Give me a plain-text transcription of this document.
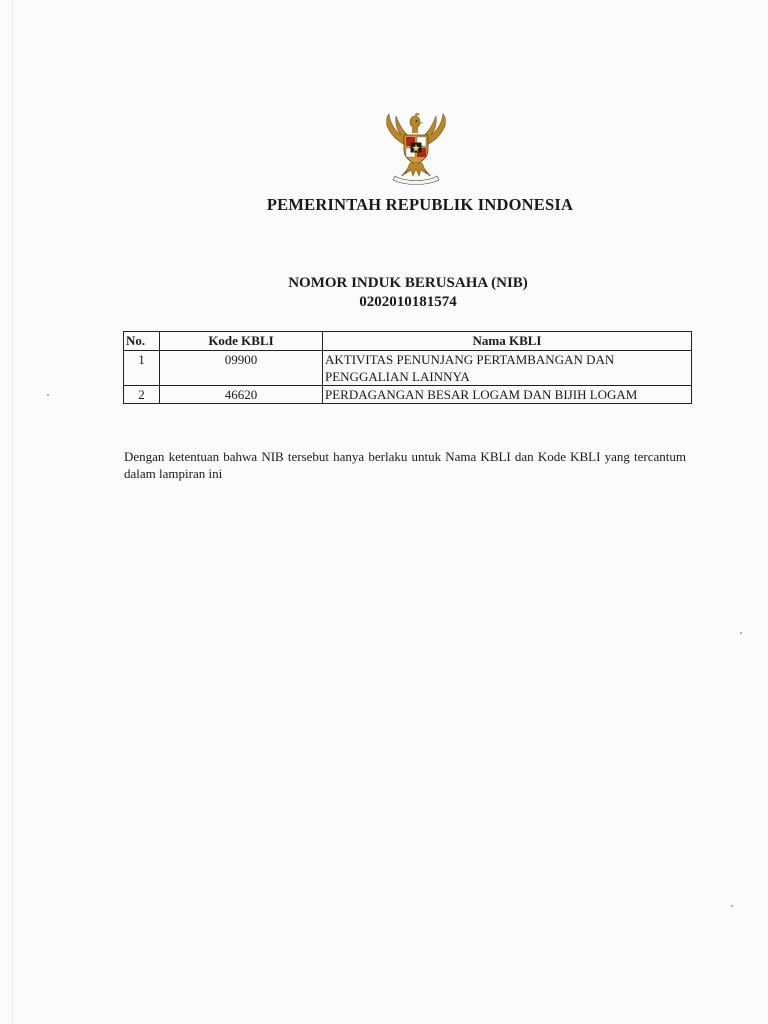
PEMERINTAH REPUBLIK INDONESIA
NOMOR INDUK BERUSAHA (NIB)
0202010181574
No.	Kode KBLI	Nama KBLI
1	09900	AKTIVITAS PENUNJANG PERTAMBANGAN DAN PENGGALIAN LAINNYA
2	46620	PERDAGANGAN BESAR LOGAM DAN BIJIH LOGAM
Dengan ketentuan bahwa NIB tersebut hanya berlaku untuk Nama KBLI dan Kode KBLI yang tercantum dalam lampiran ini
